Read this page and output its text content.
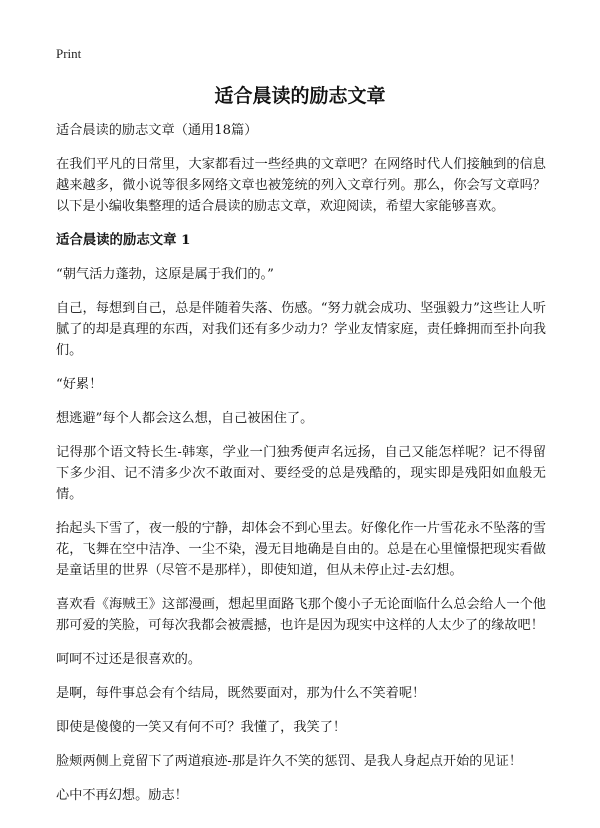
Print
适合晨读的励志文章

适合晨读的励志文章（通用18篇）

在我们平凡的日常里，大家都看过一些经典的文章吧？在网络时代人们接触到的信息越来越多，微小说等很多网络文章也被笼统的列入文章行列。那么，你会写文章吗？以下是小编收集整理的适合晨读的励志文章，欢迎阅读，希望大家能够喜欢。

适合晨读的励志文章 1

“朝气活力蓬勃，这原是属于我们的。”

自己，每想到自己，总是伴随着失落、伤感。“努力就会成功、坚强毅力”这些让人听腻了的却是真理的东西，对我们还有多少动力？学业友情家庭，责任蜂拥而至扑向我们。

“好累！

想逃避”每个人都会这么想，自己被困住了。

记得那个语文特长生-韩寒，学业一门独秀便声名远扬，自己又能怎样呢？记不得留下多少泪、记不清多少次不敢面对、要经受的总是残酷的，现实即是残阳如血般无情。

抬起头下雪了，夜一般的宁静，却体会不到心里去。好像化作一片雪花永不坠落的雪花，飞舞在空中洁净、一尘不染，漫无目地确是自由的。总是在心里憧憬把现实看做是童话里的世界（尽管不是那样），即使知道，但从未停止过-去幻想。

喜欢看《海贼王》这部漫画，想起里面路飞那个傻小子无论面临什么总会给人一个他那可爱的笑脸，可每次我都会被震撼，也许是因为现实中这样的人太少了的缘故吧！

呵呵不过还是很喜欢的。

是啊，每件事总会有个结局，既然要面对，那为什么不笑着呢！

即使是傻傻的一笑又有何不可？我懂了，我笑了！

脸颊两侧上竟留下了两道痕迹-那是许久不笑的惩罚、是我人身起点开始的见证！

心中不再幻想。励志！
